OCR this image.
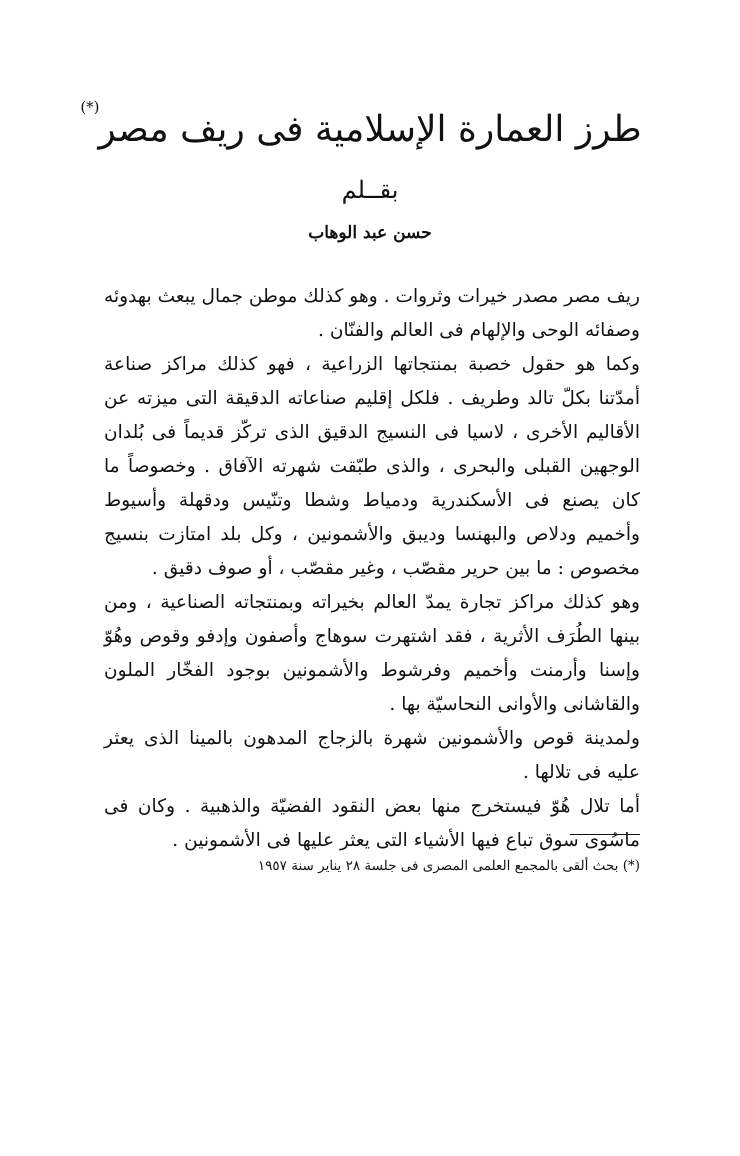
طرز العمارة الإسلامية فى ريف مصر
(*)
بقــلم
حسن عبد الوهاب

ريف مصر مصدر خيرات وثروات . وهو كذلك موطن جمال يبعث بهدوئه وصفائه الوحى والإلهام فى العالم والفنّان .

وكما هو حقول خصبة بمنتجاتها الزراعية ، فهو كذلك مراكز صناعة أمدّتنا بكلّ تالد وطريف . فلكل إقليم صناعاته الدقيقة التى ميزته عن الأقاليم الأخرى ، لاسيا فى النسيج الدقيق الذى تركّز قديماً فى بُلدان الوجهين القبلى والبحرى ، والذى طبّقت شهرته الآفاق . وخصوصاً ما كان يصنع فى الأسكندرية ودمياط وشطا وتنّيس ودقهلة وأسيوط وأخميم ودلاص والبهنسا وديبق والأشمونين ، وكل بلد امتازت بنسيج مخصوص : ما بين حرير مقصّب ، وغير مقصّب ، أو صوف دقيق .

وهو كذلك مراكز تجارة يمدّ العالم بخيراته وبمنتجاته الصناعية ، ومن بينها الطُرَف الأثرية ، فقد اشتهرت سوهاج وأصفون وإدفو وقوص وهُوّ وإسنا وأرمنت وأخميم وفرشوط والأشمونين بوجود الفخّار الملون والقاشانى والأوانى النحاسيّة بها .

ولمدينة قوص والأشمونين شهرة بالزجاج المدهون بالمينا الذى يعثر عليه فى تلالها .

أما تلال هُوّ فيستخرج منها بعض النقود الفضيّة والذهبية . وكان فى ماسُوى سوق تباع فيها الأشياء التى يعثر عليها فى الأشمونين .

(*) بحث ألقى بالمجمع العلمى المصرى فى جلسة ٢٨ يناير سنة ١٩٥٧
